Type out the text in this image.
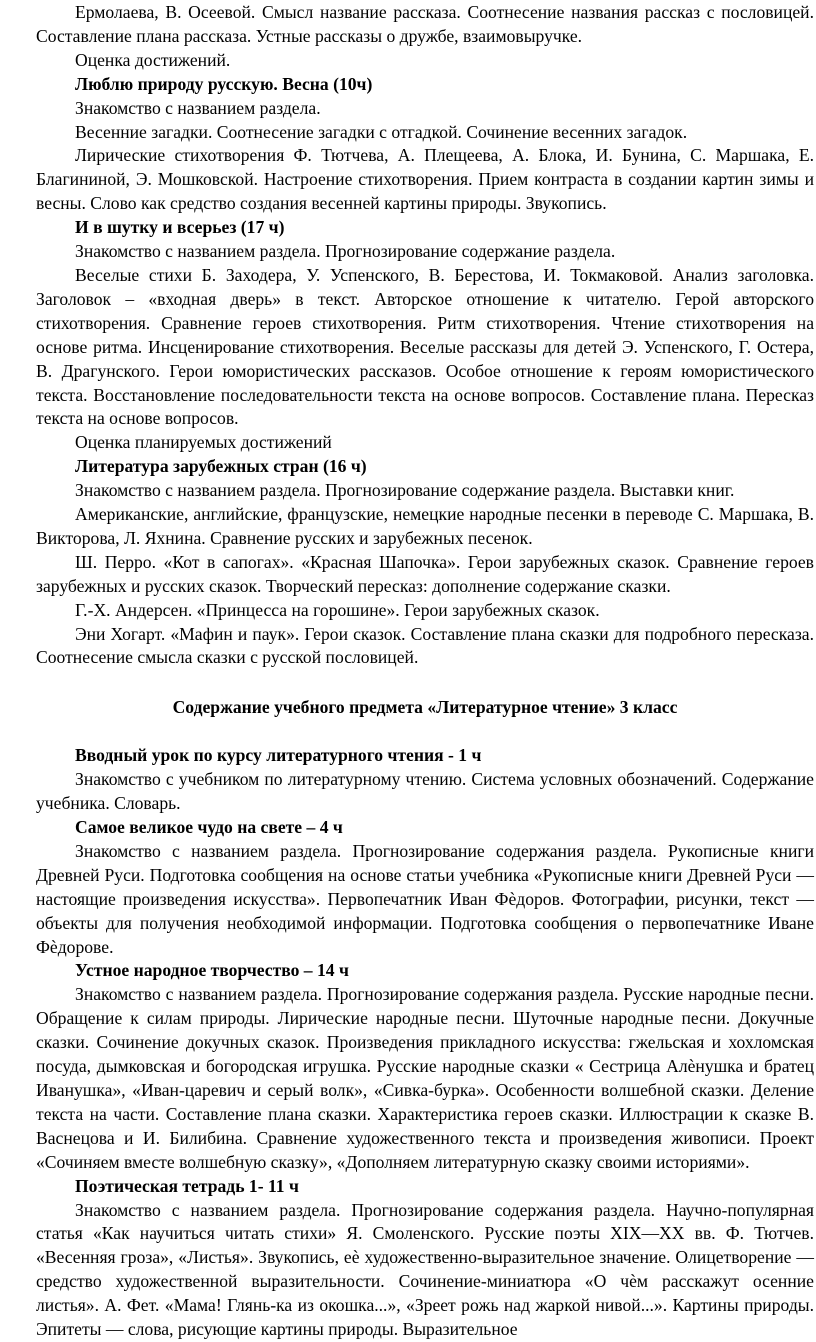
Ермолаева, В. Осеевой. Смысл название рассказа. Соотнесение названия рассказ с пословицей. Составление плана рассказа. Устные рассказы о дружбе, взаимовыручке.

Оценка достижений.

Люблю природу русскую. Весна (10ч)

Знакомство с названием раздела.

Весенние загадки. Соотнесение загадки с отгадкой. Сочинение весенних загадок.

Лирические стихотворения Ф. Тютчева, А. Плещеева, А. Блока, И. Бунина, С. Маршака, Е. Благининой, Э. Мошковской. Настроение стихотворения. Прием контраста в создании картин зимы и весны. Слово как средство создания весенней картины природы. Звукопись.

И в шутку и всерьез (17 ч)

Знакомство с названием раздела. Прогнозирование содержание раздела.

Веселые стихи Б. Заходера, У. Успенского, В. Берестова, И. Токмаковой. Анализ заголовка. Заголовок – «входная дверь» в текст. Авторское отношение к читателю. Герой авторского стихотворения. Сравнение героев стихотворения. Ритм стихотворения. Чтение стихотворения на основе ритма. Инсценирование стихотворения. Веселые рассказы для детей Э. Успенского, Г. Остера, В. Драгунского. Герои юмористических рассказов. Особое отношение к героям юмористического текста. Восстановление последовательности текста на основе вопросов. Составление плана. Пересказ текста на основе вопросов.

Оценка планируемых достижений

Литература зарубежных стран (16 ч)

Знакомство с названием раздела. Прогнозирование содержание раздела. Выставки книг.

Американские, английские, французские, немецкие народные песенки в переводе С. Маршака, В. Викторова, Л. Яхнина. Сравнение русских и зарубежных песенок.

Ш. Перро. «Кот в сапогах». «Красная Шапочка». Герои зарубежных сказок. Сравнение героев зарубежных и русских сказок. Творческий пересказ: дополнение содержание сказки.

Г.-Х. Андерсен. «Принцесса на горошине». Герои зарубежных сказок.

Эни Хогарт. «Мафин и паук». Герои сказок. Составление плана сказки для подробного пересказа. Соотнесение смысла сказки с русской пословицей.

Содержание учебного предмета «Литературное чтение» 3 класс
Вводный урок по курсу литературного чтения - 1 ч

Знакомство с учебником по литературному чтению. Система условных обозначений. Содержание учебника. Словарь.

Самое великое чудо на свете – 4 ч

Знакомство с названием раздела. Прогнозирование содержания раздела. Рукописные книги Древней Руси. Подготовка сообщения на основе статьи учебника «Рукописные книги Древней Руси — настоящие произведения искусства». Первопечатник Иван Фѐдоров. Фотографии, рисунки, текст — объекты для получения необходимой информации. Подготовка сообщения о первопечатнике Иване Фѐдорове.

Устное народное творчество – 14 ч

Знакомство с названием раздела. Прогнозирование содержания раздела. Русские народные песни. Обращение к силам природы. Лирические народные песни. Шуточные народные песни. Докучные сказки. Сочинение докучных сказок. Произведения прикладного искусства: гжельская и хохломская посуда, дымковская и богородская игрушка. Русские народные сказки « Сестрица Алѐнушка и братец Иванушка», «Иван-царевич и серый волк», «Сивка-бурка». Особенности волшебной сказки. Деление текста на части. Составление плана сказки. Характеристика героев сказки. Иллюстрации к сказке В. Васнецова и И. Билибина. Сравнение художественного текста и произведения живописи. Проект «Сочиняем вместе волшебную сказку», «Дополняем литературную сказку своими историями».

Поэтическая тетрадь 1- 11 ч

Знакомство с названием раздела. Прогнозирование содержания раздела. Научно-популярная статья «Как научиться читать стихи» Я. Смоленского. Русские поэты XIX—XX вв. Ф. Тютчев. «Весенняя гроза», «Листья». Звукопись, еѐ художественно-выразительное значение. Олицетворение — средство художественной выразительности. Сочинение-миниатюра «О чѐм расскажут осенние листья». А. Фет. «Мама! Глянь-ка из окошка...», «Зреет рожь над жаркой нивой...». Картины природы. Эпитеты — слова, рисующие картины природы. Выразительное
